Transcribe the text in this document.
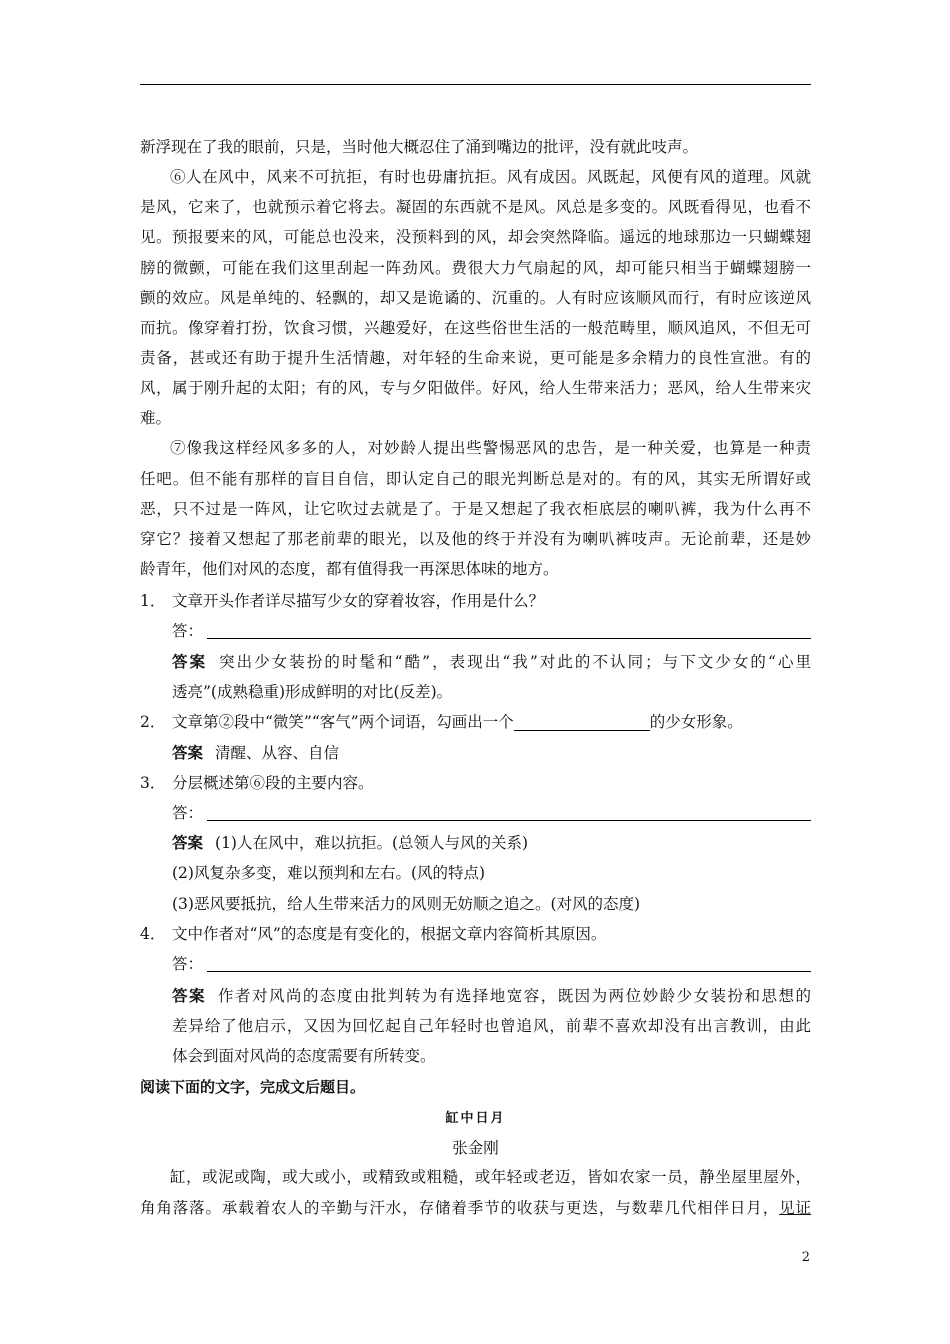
新浮现在了我的眼前，只是，当时他大概忍住了涌到嘴边的批评，没有就此吱声。
⑥人在风中，风来不可抗拒，有时也毋庸抗拒。风有成因。风既起，风便有风的道理。风就
是风，它来了，也就预示着它将去。凝固的东西就不是风。风总是多变的。风既看得见，也看不
见。预报要来的风，可能总也没来，没预料到的风，却会突然降临。遥远的地球那边一只蝴蝶翅
膀的微颤，可能在我们这里刮起一阵劲风。费很大力气扇起的风，却可能只相当于蝴蝶翅膀一
颤的效应。风是单纯的、轻飘的，却又是诡谲的、沉重的。人有时应该顺风而行，有时应该逆风
而抗。像穿着打扮，饮食习惯，兴趣爱好，在这些俗世生活的一般范畴里，顺风追风，不但无可
责备，甚或还有助于提升生活情趣，对年轻的生命来说，更可能是多余精力的良性宣泄。有的
风，属于刚升起的太阳；有的风，专与夕阳做伴。好风，给人生带来活力；恶风，给人生带来灾
难。
⑦像我这样经风多多的人，对妙龄人提出些警惕恶风的忠告，是一种关爱，也算是一种责
任吧。但不能有那样的盲目自信，即认定自己的眼光判断总是对的。有的风，其实无所谓好或
恶，只不过是一阵风，让它吹过去就是了。于是又想起了我衣柜底层的喇叭裤，我为什么再不
穿它？接着又想起了那老前辈的眼光，以及他的终于并没有为喇叭裤吱声。无论前辈，还是妙
龄青年，他们对风的态度，都有值得我一再深思体味的地方。
1． 文章开头作者详尽描写少女的穿着妆容，作用是什么？
答：
答案 突出少女装扮的时髦和“酷”，表现出“我”对此的不认同；与下文少女的“心里
透亮”(成熟稳重)形成鲜明的对比(反差)。
2． 文章第②段中“微笑”“客气”两个词语，勾画出一个	的少女形象。
答案 清醒、从容、自信
3． 分层概述第⑥段的主要内容。
答：
答案 (1)人在风中，难以抗拒。(总领人与风的关系)
(2)风复杂多变，难以预判和左右。(风的特点)
(3)恶风要抵抗，给人生带来活力的风则无妨顺之追之。(对风的态度)
4． 文中作者对“风”的态度是有变化的，根据文章内容简析其原因。
答：
答案 作者对风尚的态度由批判转为有选择地宽容，既因为两位妙龄少女装扮和思想的
差异给了他启示，又因为回忆起自己年轻时也曾追风，前辈不喜欢却没有出言教训，由此
体会到面对风尚的态度需要有所转变。
阅读下面的文字，完成文后题目。
缸中日月
张金刚
缸，或泥或陶，或大或小，或精致或粗糙，或年轻或老迈，皆如农家一员，静坐屋里屋外，
角角落落。承载着农人的辛勤与汗水，存储着季节的收获与更迭，与数辈几代相伴日月，见证
2
